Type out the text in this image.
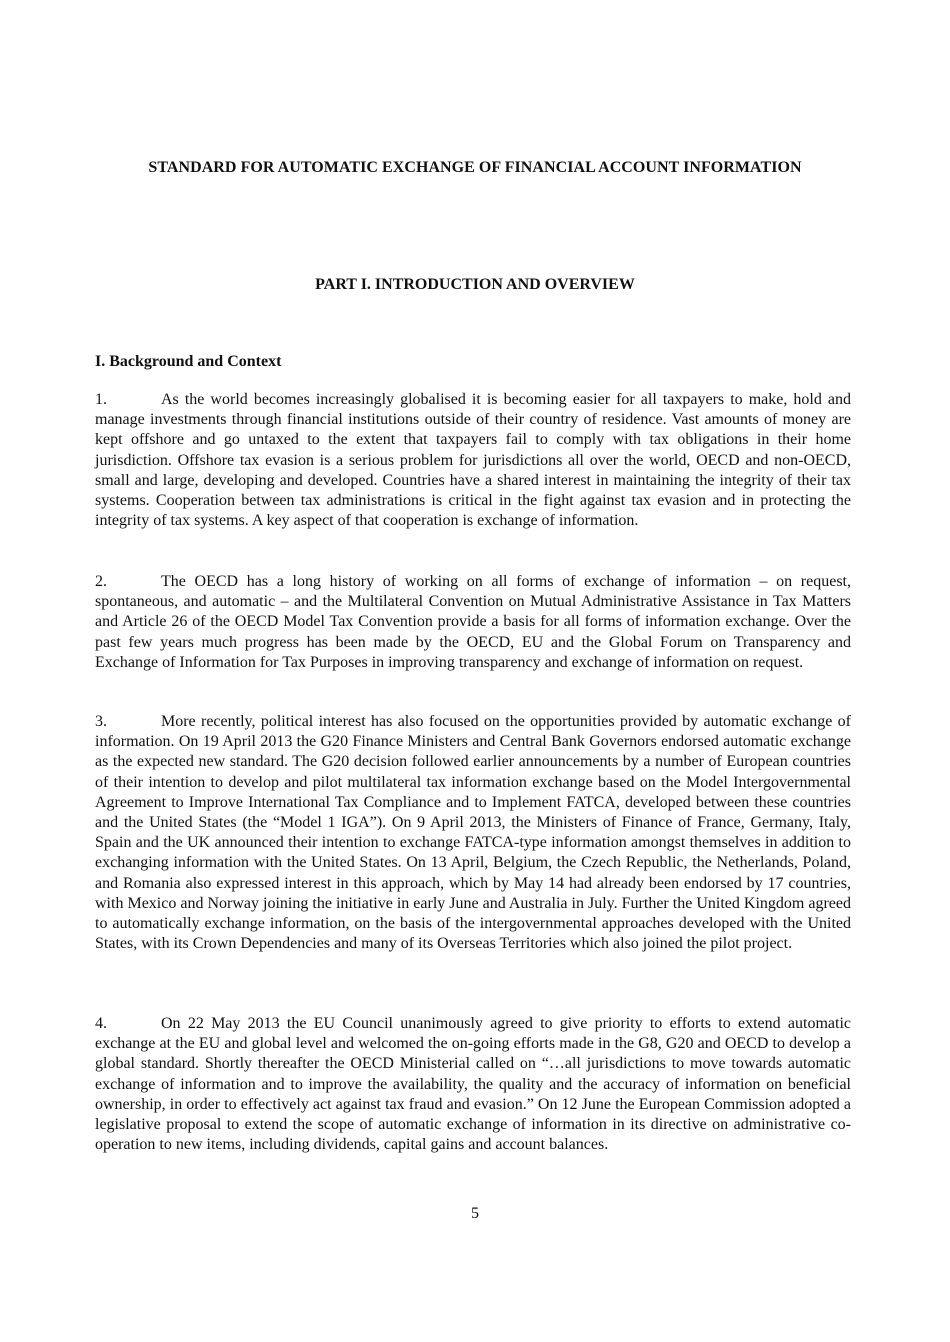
STANDARD FOR AUTOMATIC EXCHANGE OF FINANCIAL ACCOUNT INFORMATION
PART I. INTRODUCTION AND OVERVIEW
I. Background and Context

1.	As the world becomes increasingly globalised it is becoming easier for all taxpayers to make, hold and manage investments through financial institutions outside of their country of residence. Vast amounts of money are kept offshore and go untaxed to the extent that taxpayers fail to comply with tax obligations in their home jurisdiction. Offshore tax evasion is a serious problem for jurisdictions all over the world, OECD and non-OECD, small and large, developing and developed. Countries have a shared interest in maintaining the integrity of their tax systems. Cooperation between tax administrations is critical in the fight against tax evasion and in protecting the integrity of tax systems. A key aspect of that cooperation is exchange of information.

2.	The OECD has a long history of working on all forms of exchange of information – on request, spontaneous, and automatic – and the Multilateral Convention on Mutual Administrative Assistance in Tax Matters and Article 26 of the OECD Model Tax Convention provide a basis for all forms of information exchange. Over the past few years much progress has been made by the OECD, EU and the Global Forum on Transparency and Exchange of Information for Tax Purposes in improving transparency and exchange of information on request.

3.	More recently, political interest has also focused on the opportunities provided by automatic exchange of information. On 19 April 2013 the G20 Finance Ministers and Central Bank Governors endorsed automatic exchange as the expected new standard. The G20 decision followed earlier announcements by a number of European countries of their intention to develop and pilot multilateral tax information exchange based on the Model Intergovernmental Agreement to Improve International Tax Compliance and to Implement FATCA, developed between these countries and the United States (the “Model 1 IGA”). On 9 April 2013, the Ministers of Finance of France, Germany, Italy, Spain and the UK announced their intention to exchange FATCA-type information amongst themselves in addition to exchanging information with the United States. On 13 April, Belgium, the Czech Republic, the Netherlands, Poland, and Romania also expressed interest in this approach, which by May 14 had already been endorsed by 17 countries, with Mexico and Norway joining the initiative in early June and Australia in July. Further the United Kingdom agreed to automatically exchange information, on the basis of the intergovernmental approaches developed with the United States, with its Crown Dependencies and many of its Overseas Territories which also joined the pilot project.

4.	On 22 May 2013 the EU Council unanimously agreed to give priority to efforts to extend automatic exchange at the EU and global level and welcomed the on-going efforts made in the G8, G20 and OECD to develop a global standard. Shortly thereafter the OECD Ministerial called on “…all jurisdictions to move towards automatic exchange of information and to improve the availability, the quality and the accuracy of information on beneficial ownership, in order to effectively act against tax fraud and evasion.” On 12 June the European Commission adopted a legislative proposal to extend the scope of automatic exchange of information in its directive on administrative co-operation to new items, including dividends, capital gains and account balances.

5
